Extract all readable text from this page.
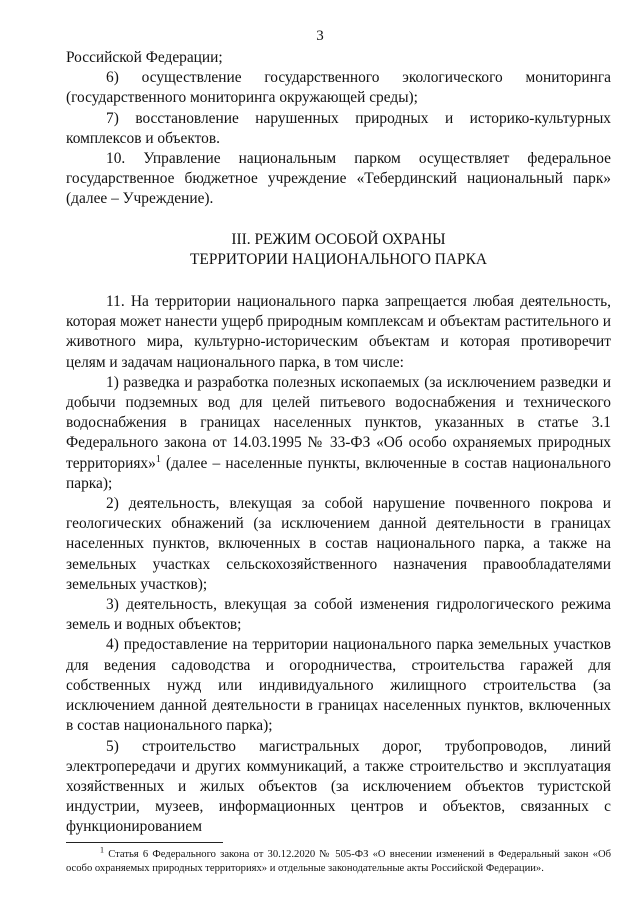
3

Российской Федерации;

6) осуществление государственного экологического мониторинга (государственного мониторинга окружающей среды);

7) восстановление нарушенных природных и историко-культурных комплексов и объектов.

10. Управление национальным парком осуществляет федеральное государственное бюджетное учреждение «Тебердинский национальный парк» (далее – Учреждение).

III. РЕЖИМ ОСОБОЙ ОХРАНЫ
ТЕРРИТОРИИ НАЦИОНАЛЬНОГО ПАРКА

11. На территории национального парка запрещается любая деятельность, которая может нанести ущерб природным комплексам и объектам растительного и животного мира, культурно-историческим объектам и которая противоречит целям и задачам национального парка, в том числе:

1) разведка и разработка полезных ископаемых (за исключением разведки и добычи подземных вод для целей питьевого водоснабжения и технического водоснабжения в границах населенных пунктов, указанных в статье 3.1 Федерального закона от 14.03.1995 № 33-ФЗ «Об особо охраняемых природных территориях»$^1$ (далее – населенные пункты, включенные в состав национального парка);

2) деятельность, влекущая за собой нарушение почвенного покрова и геологических обнажений (за исключением данной деятельности в границах населенных пунктов, включенных в состав национального парка, а также на земельных участках сельскохозяйственного назначения правообладателями земельных участков);

3) деятельность, влекущая за собой изменения гидрологического режима земель и водных объектов;

4) предоставление на территории национального парка земельных участков для ведения садоводства и огородничества, строительства гаражей для собственных нужд или индивидуального жилищного строительства (за исключением данной деятельности в границах населенных пунктов, включенных в состав национального парка);

5) строительство магистральных дорог, трубопроводов, линий электропередачи и других коммуникаций, а также строительство и эксплуатация хозяйственных и жилых объектов (за исключением объектов туристской индустрии, музеев, информационных центров и объектов, связанных с функционированием

$^1$ Статья 6 Федерального закона от 30.12.2020 № 505-ФЗ «О внесении изменений в Федеральный закон «Об особо охраняемых природных территориях» и отдельные законодательные акты Российской Федерации».
